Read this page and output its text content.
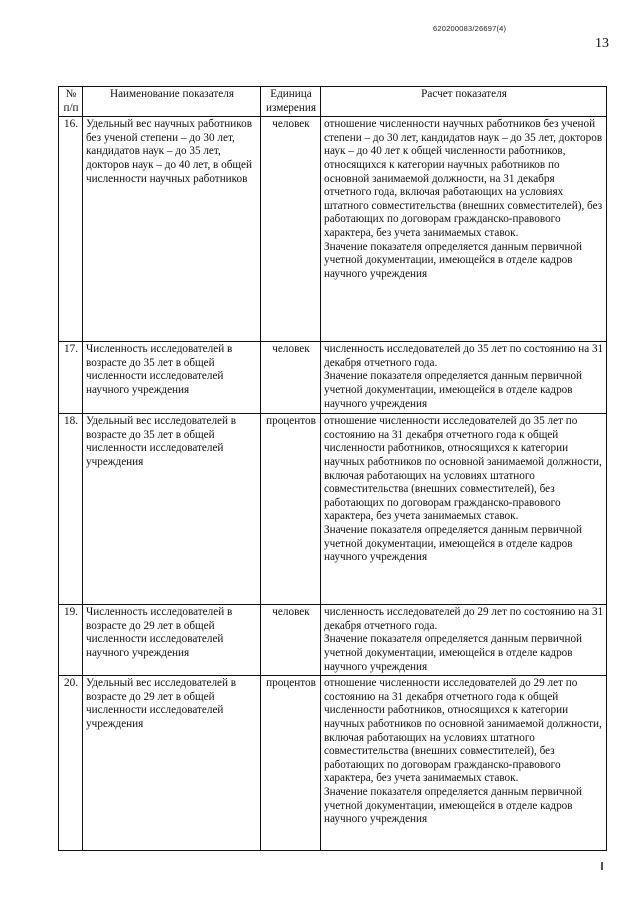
620200083/26697(4)
13
№
п/п	Наименование показателя	Единица измерения	Расчет показателя
16.	Удельный вес научных работников без ученой степени – до 30 лет, кандидатов наук – до 35 лет, докторов наук – до 40 лет, в общей численности научных работников	человек	отношение численности научных работников без ученой степени – до 30 лет, кандидатов наук – до 35 лет, докторов наук – до 40 лет к общей численности работников, относящихся к категории научных работников по основной занимаемой должности, на 31 декабря отчетного года, включая работающих на условиях штатного совместительства (внешних совместителей), без работающих по договорам гражданско-правового характера, без учета занимаемых ставок.
Значение показателя определяется данным первичной учетной документации, имеющейся в отделе кадров научного учреждения
17.	Численность исследователей в возрасте до 35 лет в общей численности исследователей научного учреждения	человек	численность исследователей до 35 лет по состоянию на 31 декабря отчетного года.
Значение показателя определяется данным первичной учетной документации, имеющейся в отделе кадров научного учреждения
18.	Удельный вес исследователей в возрасте до 35 лет в общей численности исследователей учреждения	процентов	отношение численности исследователей до 35 лет по состоянию на 31 декабря отчетного года к общей численности работников, относящихся к категории научных работников по основной занимаемой должности, включая работающих на условиях штатного совместительства (внешних совместителей), без работающих по договорам гражданско-правового характера, без учета занимаемых ставок.
Значение показателя определяется данным первичной учетной документации, имеющейся в отделе кадров научного учреждения
19.	Численность исследователей в возрасте до 29 лет в общей численности исследователей научного учреждения	человек	численность исследователей до 29 лет по состоянию на 31 декабря отчетного года.
Значение показателя определяется данным первичной учетной документации, имеющейся в отделе кадров научного учреждения
20.	Удельный вес исследователей в возрасте до 29 лет в общей численности исследователей учреждения	процентов	отношение численности исследователей до 29 лет по состоянию на 31 декабря отчетного года к общей численности работников, относящихся к категории научных работников по основной занимаемой должности, включая работающих на условиях штатного совместительства (внешних совместителей), без работающих по договорам гражданско-правового характера, без учета занимаемых ставок.
Значение показателя определяется данным первичной учетной документации, имеющейся в отделе кадров научного учреждения
